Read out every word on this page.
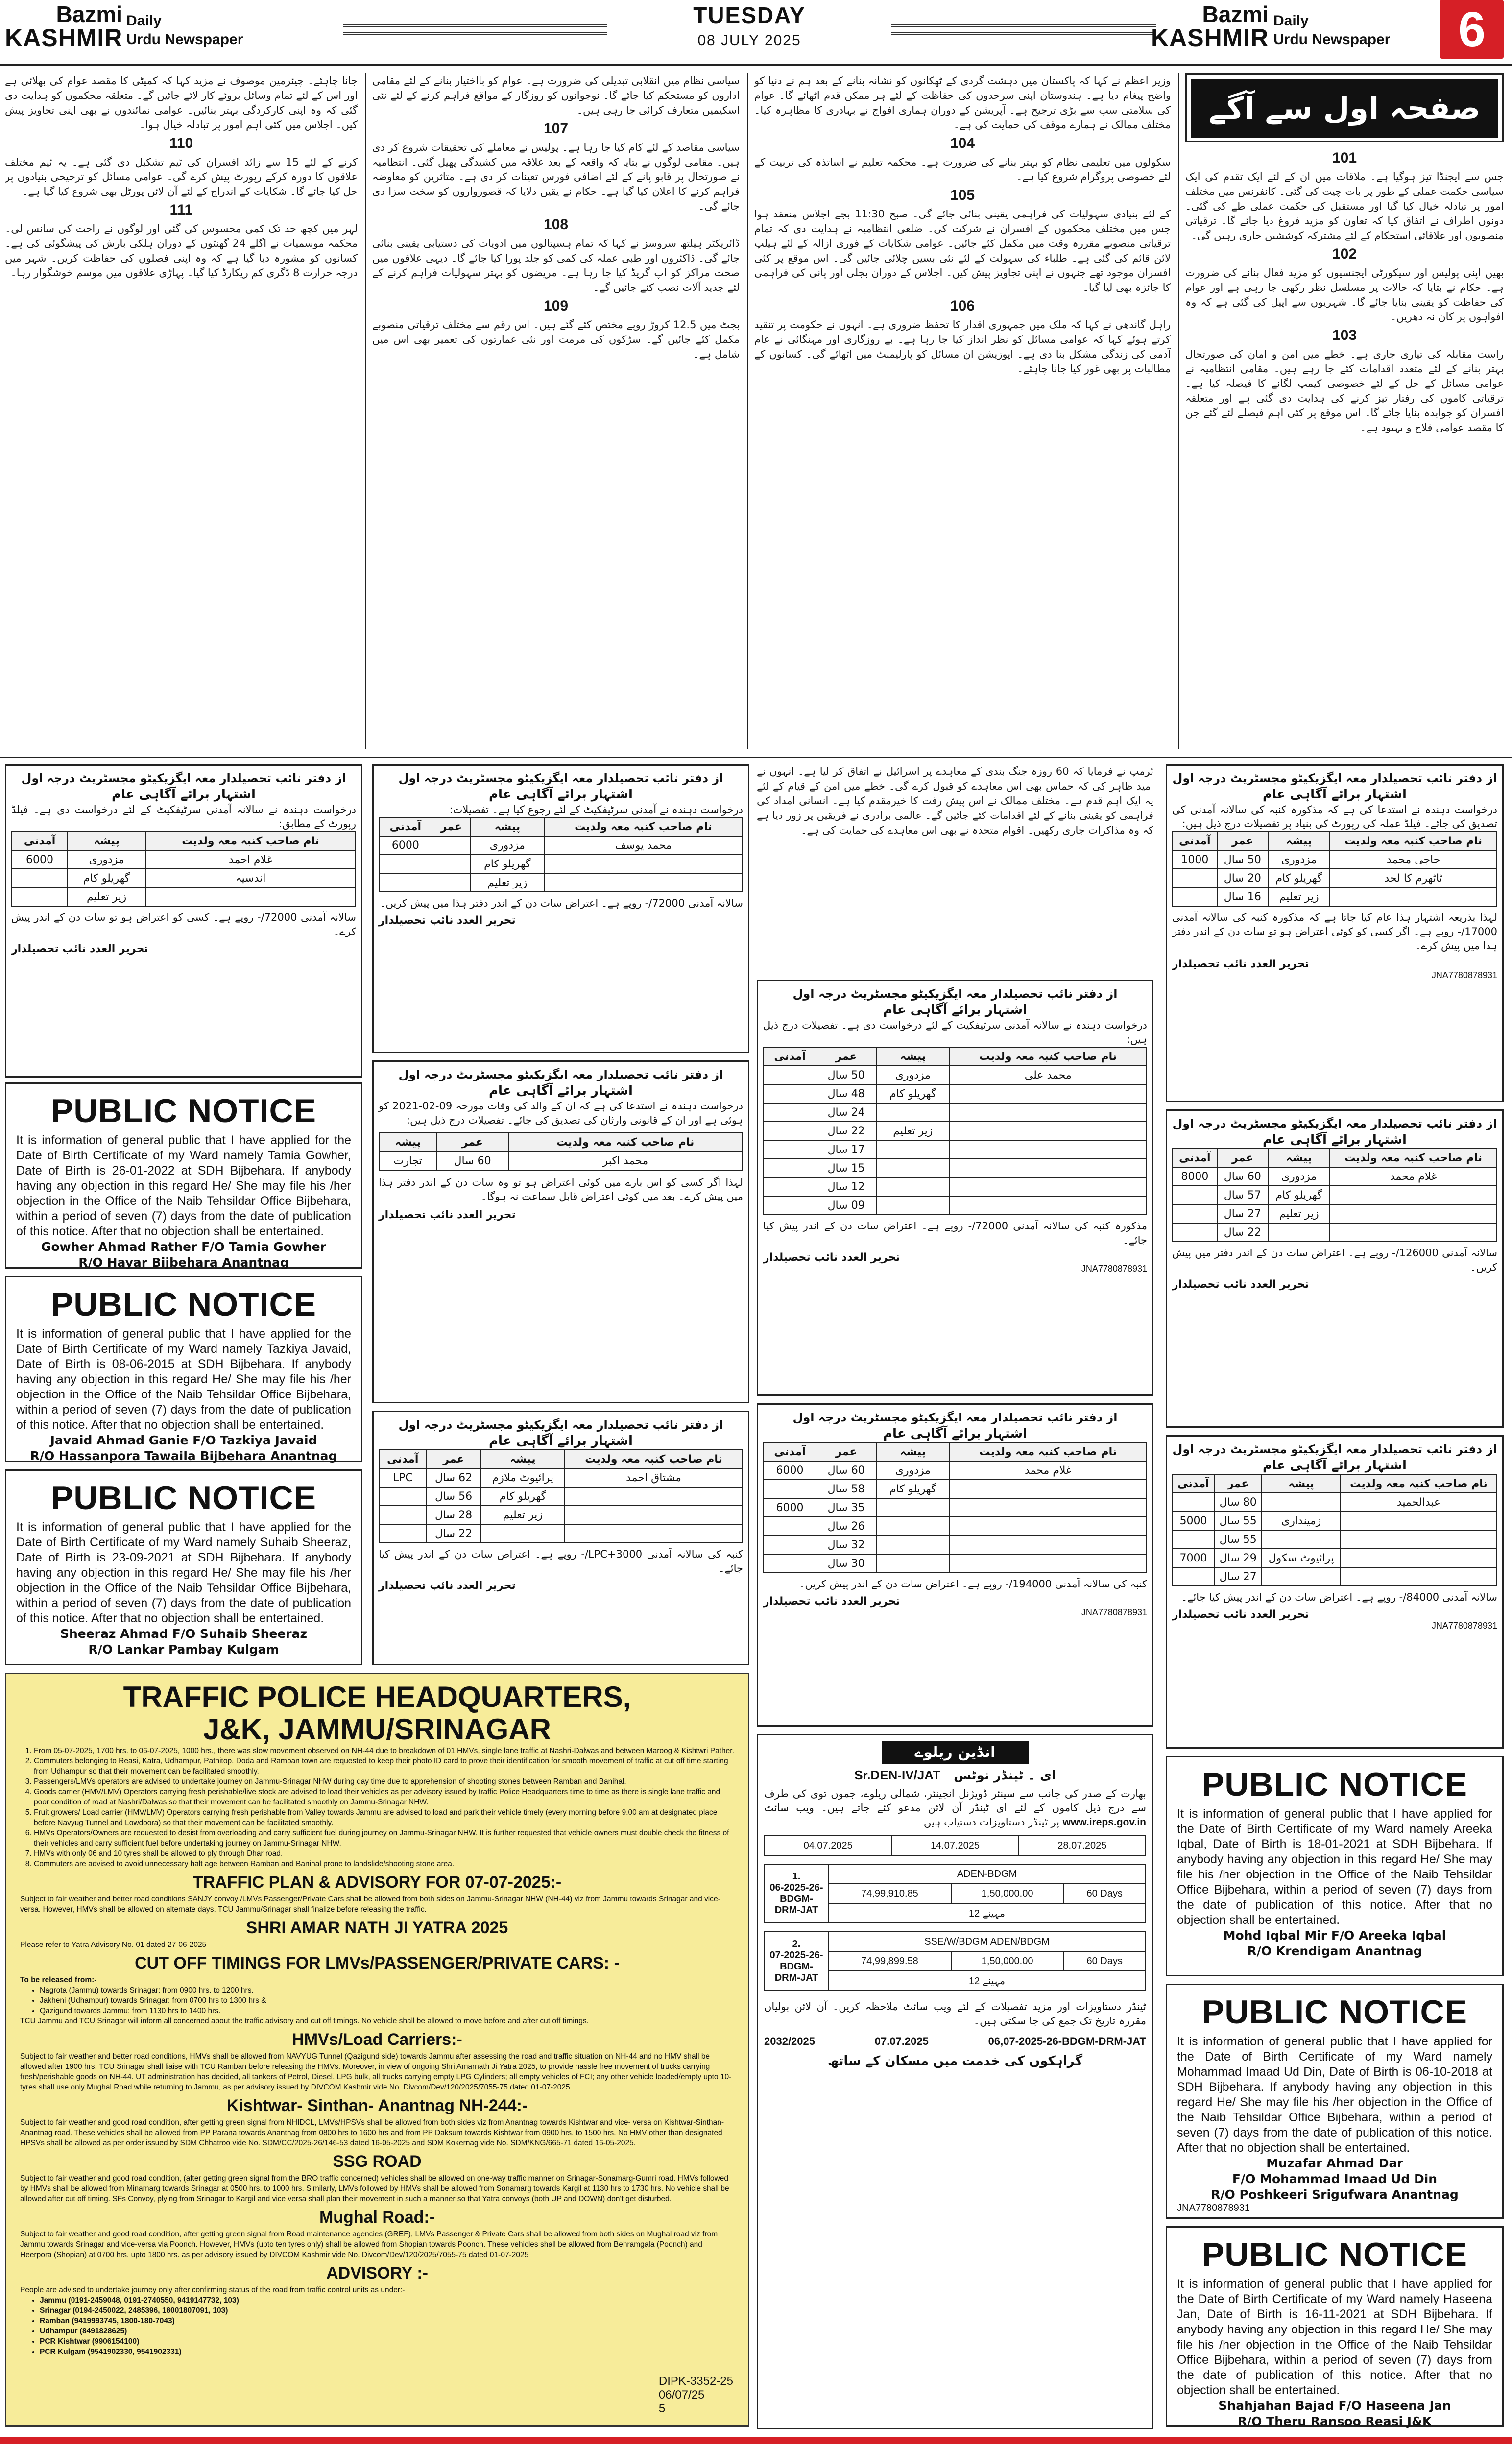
Bazmi
KASHMIR
Daily
Urdu Newspaper
TUESDAY
08 JULY 2025
Bazmi
KASHMIR
Daily
Urdu Newspaper	6
صفحہ اول سے آگے
101

جس سے ایجنڈا تیز ہوگیا ہے۔ ملاقات میں ان کے لئے ایک تقدم کی ایک سیاسی حکمت عملی کے طور پر بات چیت کی گئی۔ کانفرنس میں مختلف امور پر تبادلہ خیال کیا گیا اور مستقبل کی حکمت عملی طے کی گئی۔ دونوں اطراف نے اتفاق کیا کہ تعاون کو مزید فروغ دیا جائے گا۔ ترقیاتی منصوبوں اور علاقائی استحکام کے لئے مشترکہ کوششیں جاری رہیں گی۔

102

بھیں اپنی پولیس اور سیکورٹی ایجنسیوں کو مزید فعال بنانے کی ضرورت ہے۔ حکام نے بتایا کہ حالات پر مسلسل نظر رکھی جا رہی ہے اور عوام کی حفاظت کو یقینی بنایا جائے گا۔ شہریوں سے اپیل کی گئی ہے کہ وہ افواہوں پر کان نہ دھریں۔

103

راست مقابلہ کی تیاری جاری ہے۔ خطے میں امن و امان کی صورتحال بہتر بنانے کے لئے متعدد اقدامات کئے جا رہے ہیں۔ مقامی انتظامیہ نے عوامی مسائل کے حل کے لئے خصوصی کیمپ لگانے کا فیصلہ کیا ہے۔ ترقیاتی کاموں کی رفتار تیز کرنے کی ہدایت دی گئی ہے اور متعلقہ افسران کو جوابدہ بنایا جائے گا۔ اس موقع پر کئی اہم فیصلے لئے گئے جن کا مقصد عوامی فلاح و بہبود ہے۔

وزیر اعظم نے کہا کہ پاکستان میں دہشت گردی کے ٹھکانوں کو نشانہ بنانے کے بعد ہم نے دنیا کو واضح پیغام دیا ہے۔ ہندوستان اپنی سرحدوں کی حفاظت کے لئے ہر ممکن قدم اٹھائے گا۔ عوام کی سلامتی سب سے بڑی ترجیح ہے۔ آپریشن کے دوران ہماری افواج نے بہادری کا مظاہرہ کیا۔ مختلف ممالک نے ہمارے موقف کی حمایت کی ہے۔

104

سکولوں میں تعلیمی نظام کو بہتر بنانے کی ضرورت ہے۔ محکمہ تعلیم نے اساتذہ کی تربیت کے لئے خصوصی پروگرام شروع کیا ہے۔

105

کے لئے بنیادی سہولیات کی فراہمی یقینی بنائی جائے گی۔ صبح 11:30 بجے اجلاس منعقد ہوا جس میں مختلف محکموں کے افسران نے شرکت کی۔ ضلعی انتظامیہ نے ہدایت دی کہ تمام ترقیاتی منصوبے مقررہ وقت میں مکمل کئے جائیں۔ عوامی شکایات کے فوری ازالہ کے لئے ہیلپ لائن قائم کی گئی ہے۔ طلباء کی سہولت کے لئے نئی بسیں چلائی جائیں گی۔ اس موقع پر کئی افسران موجود تھے جنہوں نے اپنی تجاویز پیش کیں۔ اجلاس کے دوران بجلی اور پانی کی فراہمی کا جائزہ بھی لیا گیا۔

106

راہل گاندھی نے کہا کہ ملک میں جمہوری اقدار کا تحفظ ضروری ہے۔ انہوں نے حکومت پر تنقید کرتے ہوئے کہا کہ عوامی مسائل کو نظر انداز کیا جا رہا ہے۔ بے روزگاری اور مہنگائی نے عام آدمی کی زندگی مشکل بنا دی ہے۔ اپوزیشن ان مسائل کو پارلیمنٹ میں اٹھائے گی۔ کسانوں کے مطالبات پر بھی غور کیا جانا چاہئے۔

سیاسی نظام میں انقلابی تبدیلی کی ضرورت ہے۔ عوام کو بااختیار بنانے کے لئے مقامی اداروں کو مستحکم کیا جائے گا۔ نوجوانوں کو روزگار کے مواقع فراہم کرنے کے لئے نئی اسکیمیں متعارف کرائی جا رہی ہیں۔

107

سیاسی مقاصد کے لئے کام کیا جا رہا ہے۔ پولیس نے معاملے کی تحقیقات شروع کر دی ہیں۔ مقامی لوگوں نے بتایا کہ واقعہ کے بعد علاقہ میں کشیدگی پھیل گئی۔ انتظامیہ نے صورتحال پر قابو پانے کے لئے اضافی فورس تعینات کر دی ہے۔ متاثرین کو معاوضہ فراہم کرنے کا اعلان کیا گیا ہے۔ حکام نے یقین دلایا کہ قصورواروں کو سخت سزا دی جائے گی۔

108

ڈائریکٹر ہیلتھ سروسز نے کہا کہ تمام ہسپتالوں میں ادویات کی دستیابی یقینی بنائی جائے گی۔ ڈاکٹروں اور طبی عملہ کی کمی کو جلد پورا کیا جائے گا۔ دیہی علاقوں میں صحت مراکز کو اپ گریڈ کیا جا رہا ہے۔ مریضوں کو بہتر سہولیات فراہم کرنے کے لئے جدید آلات نصب کئے جائیں گے۔

109

بجٹ میں 12.5 کروڑ روپے مختص کئے گئے ہیں۔ اس رقم سے مختلف ترقیاتی منصوبے مکمل کئے جائیں گے۔ سڑکوں کی مرمت اور نئی عمارتوں کی تعمیر بھی اس میں شامل ہے۔

جانا چاہئے۔ چیئرمین موصوف نے مزید کہا کہ کمیٹی کا مقصد عوام کی بھلائی ہے اور اس کے لئے تمام وسائل بروئے کار لائے جائیں گے۔ متعلقہ محکموں کو ہدایت دی گئی کہ وہ اپنی کارکردگی بہتر بنائیں۔ عوامی نمائندوں نے بھی اپنی تجاویز پیش کیں۔ اجلاس میں کئی اہم امور پر تبادلہ خیال ہوا۔

110

کرنے کے لئے 15 سے زائد افسران کی ٹیم تشکیل دی گئی ہے۔ یہ ٹیم مختلف علاقوں کا دورہ کرکے رپورٹ پیش کرے گی۔ عوامی مسائل کو ترجیحی بنیادوں پر حل کیا جائے گا۔ شکایات کے اندراج کے لئے آن لائن پورٹل بھی شروع کیا گیا ہے۔

111

لہر میں کچھ حد تک کمی محسوس کی گئی اور لوگوں نے راحت کی سانس لی۔ محکمہ موسمیات نے اگلے 24 گھنٹوں کے دوران ہلکی بارش کی پیشگوئی کی ہے۔ کسانوں کو مشورہ دیا گیا ہے کہ وہ اپنی فصلوں کی حفاظت کریں۔ شہر میں درجہ حرارت 8 ڈگری کم ریکارڈ کیا گیا۔ پہاڑی علاقوں میں موسم خوشگوار رہا۔

از دفتر نائب تحصیلدار معہ ایگزیکیٹو مجسٹریٹ درجہ اول
اشتہار برائے آگاہی عام
درخواست دہندہ نے استدعا کی ہے کہ مذکورہ کنبہ کی سالانہ آمدنی کی تصدیق کی جائے۔ فیلڈ عملہ کی رپورٹ کی بنیاد پر تفصیلات درج ذیل ہیں:
نام صاحب کنبہ معہ ولدیت	پیشہ	عمر	آمدنی
حاجی محمد	مزدوری	50 سال	1000
ٹاٹھرم کا لحد	گھریلو کام	20 سال	
	زیر تعلیم	16 سال	
لہذا بذریعہ اشتہار ہذا عام کیا جاتا ہے کہ مذکورہ کنبہ کی سالانہ آمدنی 17000/- روپے ہے۔ اگر کسی کو کوئی اعتراض ہو تو سات دن کے اندر دفتر ہذا میں پیش کرے۔
تحریر العدد نائب تحصیلدار
JNA7780878931
از دفتر نائب تحصیلدار معہ ایگزیکیٹو مجسٹریٹ درجہ اول
اشتہار برائے آگاہی عام
درخواست دہندہ نے سالانہ آمدنی سرٹیفکیٹ کے لئے درخواست دی ہے۔ تفصیلات درج ذیل ہیں:
نام صاحب کنبہ معہ ولدیت	پیشہ	عمر	آمدنی
محمد علی	مزدوری	50 سال	
	گھریلو کام	48 سال	
		24 سال	
	زیر تعلیم	22 سال	
		17 سال	
		15 سال	
		12 سال	
		09 سال	
مذکورہ کنبہ کی سالانہ آمدنی 72000/- روپے ہے۔ اعتراض سات دن کے اندر پیش کیا جائے۔
تحریر العدد نائب تحصیلدار
JNA7780878931

ٹرمپ نے فرمایا کہ 60 روزہ جنگ بندی کے معاہدے پر اسرائیل نے اتفاق کر لیا ہے۔ انہوں نے امید ظاہر کی کہ حماس بھی اس معاہدے کو قبول کرے گی۔ خطے میں امن کے قیام کے لئے یہ ایک اہم قدم ہے۔ مختلف ممالک نے اس پیش رفت کا خیرمقدم کیا ہے۔ انسانی امداد کی فراہمی کو یقینی بنانے کے لئے اقدامات کئے جائیں گے۔ عالمی برادری نے فریقین پر زور دیا ہے کہ وہ مذاکرات جاری رکھیں۔ اقوام متحدہ نے بھی اس معاہدے کی حمایت کی ہے۔

از دفتر نائب تحصیلدار معہ ایگزیکیٹو مجسٹریٹ درجہ اول
اشتہار برائے آگاہی عام
درخواست دہندہ نے آمدنی سرٹیفکیٹ کے لئے رجوع کیا ہے۔ تفصیلات:
نام صاحب کنبہ معہ ولدیت	پیشہ	عمر	آمدنی
محمد یوسف	مزدوری		6000
	گھریلو کام		
	زیر تعلیم		
سالانہ آمدنی 72000/- روپے ہے۔ اعتراض سات دن کے اندر دفتر ہذا میں پیش کریں۔
تحریر العدد نائب تحصیلدار
از دفتر نائب تحصیلدار معہ ایگزیکیٹو مجسٹریٹ درجہ اول
اشتہار برائے آگاہی عام
درخواست دہندہ نے سالانہ آمدنی سرٹیفکیٹ کے لئے درخواست دی ہے۔ فیلڈ رپورٹ کے مطابق:
نام صاحب کنبہ معہ ولدیت	پیشہ	آمدنی
غلام احمد	مزدوری	6000
اندسیہ	گھریلو کام	
	زیر تعلیم	
سالانہ آمدنی 72000/- روپے ہے۔ کسی کو اعتراض ہو تو سات دن کے اندر پیش کرے۔
تحریر العدد نائب تحصیلدار
PUBLIC NOTICE

It is information of general public that I have applied for the Date of Birth Certificate of my Ward namely Tamia Gowher, Date of Birth is 26-01-2022 at SDH Bijbehara. If anybody having any objection in this regard He/ She may file his /her objection in the Office of the Naib Tehsildar Office Bijbehara, within a period of seven (7) days from the date of publication of this notice. After that no objection shall be entertained.

Gowher Ahmad Rather F/O Tamia Gowher
R/O Hayar Bijbehara Anantnag
PUBLIC NOTICE

It is information of general public that I have applied for the Date of Birth Certificate of my Ward namely Tazkiya Javaid, Date of Birth is 08-06-2015 at SDH Bijbehara. If anybody having any objection in this regard He/ She may file his /her objection in the Office of the Naib Tehsildar Office Bijbehara, within a period of seven (7) days from the date of publication of this notice. After that no objection shall be entertained.

Javaid Ahmad Ganie F/O Tazkiya Javaid
R/O Hassanpora Tawaila Bijbehara Anantnag
PUBLIC NOTICE

It is information of general public that I have applied for the Date of Birth Certificate of my Ward namely Suhaib Sheeraz, Date of Birth is 23-09-2021 at SDH Bijbehara. If anybody having any objection in this regard He/ She may file his /her objection in the Office of the Naib Tehsildar Office Bijbehara, within a period of seven (7) days from the date of publication of this notice. After that no objection shall be entertained.

Sheeraz Ahmad F/O Suhaib Sheeraz
R/O Lankar Pambay Kulgam
از دفتر نائب تحصیلدار معہ ایگزیکیٹو مجسٹریٹ درجہ اول
اشتہار برائے آگاہی عام
درخواست دہندہ نے استدعا کی ہے کہ ان کے والد کی وفات مورخہ 09-02-2021 کو ہوئی ہے اور ان کے قانونی وارثان کی تصدیق کی جائے۔ تفصیلات درج ذیل ہیں:
نام صاحب کنبہ معہ ولدیت	عمر	پیشہ
محمد اکبر	60 سال	تجارت
لہذا اگر کسی کو اس بارے میں کوئی اعتراض ہو تو وہ سات دن کے اندر دفتر ہذا میں پیش کرے۔ بعد میں کوئی اعتراض قابل سماعت نہ ہوگا۔
تحریر العدد نائب تحصیلدار
از دفتر نائب تحصیلدار معہ ایگزیکیٹو مجسٹریٹ درجہ اول
اشتہار برائے آگاہی عام
نام صاحب کنبہ معہ ولدیت	پیشہ	عمر	آمدنی
مشتاق احمد	پرائیوٹ ملازم	62 سال	LPC
	گھریلو کام	56 سال	
	زیر تعلیم	28 سال	
		22 سال	
کنبہ کی سالانہ آمدنی LPC+3000/- روپے ہے۔ اعتراض سات دن کے اندر پیش کیا جائے۔
تحریر العدد نائب تحصیلدار
از دفتر نائب تحصیلدار معہ ایگزیکیٹو مجسٹریٹ درجہ اول
اشتہار برائے آگاہی عام
نام صاحب کنبہ معہ ولدیت	پیشہ	عمر	آمدنی
غلام محمد	مزدوری	60 سال	6000
	گھریلو کام	58 سال	
		35 سال	6000
		26 سال	
		32 سال	
		30 سال	
کنبہ کی سالانہ آمدنی 194000/- روپے ہے۔ اعتراض سات دن کے اندر پیش کریں۔
تحریر العدد نائب تحصیلدار
JNA7780878931
از دفتر نائب تحصیلدار معہ ایگزیکیٹو مجسٹریٹ درجہ اول
اشتہار برائے آگاہی عام
نام صاحب کنبہ معہ ولدیت	پیشہ	عمر	آمدنی
غلام محمد	مزدوری	60 سال	8000
	گھریلو کام	57 سال	
	زیر تعلیم	27 سال	
		22 سال	
سالانہ آمدنی 126000/- روپے ہے۔ اعتراض سات دن کے اندر دفتر میں پیش کریں۔
تحریر العدد نائب تحصیلدار
از دفتر نائب تحصیلدار معہ ایگزیکیٹو مجسٹریٹ درجہ اول
اشتہار برائے آگاہی عام
نام صاحب کنبہ معہ ولدیت	پیشہ	عمر	آمدنی
عبدالحمید		80 سال	
	زمینداری	55 سال	5000
		55 سال	
	پرائیوٹ سکول	29 سال	7000
		27 سال	
سالانہ آمدنی 84000/- روپے ہے۔ اعتراض سات دن کے اندر پیش کیا جائے۔
تحریر العدد نائب تحصیلدار
JNA7780878931
TRAFFIC POLICE HEADQUARTERS,
J&K, JAMMU/SRINAGAR
1. From 05-07-2025, 1700 hrs. to 06-07-2025, 1000 hrs., there was slow movement observed on NH-44 due to breakdown of 01 HMVs, single lane traffic at Nashri-Dalwas and between Maroog & Kishtwri Pather.
2. Commuters belonging to Reasi, Katra, Udhampur, Patnitop, Doda and Ramban town are requested to keep their photo ID card to prove their identification for smooth movement of traffic at cut off time starting from Udhampur so that their movement can be facilitated smoothly.
3. Passengers/LMVs operators are advised to undertake journey on Jammu-Srinagar NHW during day time due to apprehension of shooting stones between Ramban and Banihal.
4. Goods carrier (HMV/LMV) Operators carrying fresh perishable/live stock are advised to load their vehicles as per advisory issued by traffic Police Headquarters time to time as there is single lane traffic and poor condition of road at Nashri/Dalwas so that their movement can be facilitated smoothly on Jammu-Srinagar NHW.
5. Fruit growers/ Load carrier (HMV/LMV) Operators carrying fresh perishable from Valley towards Jammu are advised to load and park their vehicle timely (every morning before 9.00 am at designated place before Navyug Tunnel and Lowdoora) so that their movement can be facilitated smoothly.
6. HMVs Operators/Owners are requested to desist from overloading and carry sufficient fuel during journey on Jammu-Srinagar NHW. It is further requested that vehicle owners must double check the fitness of their vehicles and carry sufficient fuel before undertaking journey on Jammu-Srinagar NHW.
7. HMVs with only 06 and 10 tyres shall be allowed to ply through Dhar road.
8. Commuters are advised to avoid unnecessary halt age between Ramban and Banihal prone to landslide/shooting stone area.
TRAFFIC PLAN & ADVISORY FOR 07-07-2025:-

Subject to fair weather and better road conditions SANJY convoy /LMVs Passenger/Private Cars shall be allowed from both sides on Jammu-Srinagar NHW (NH-44) viz from Jammu towards Srinagar and vice-versa. However, HMVs shall be allowed on alternate days. TCU Jammu/Srinagar shall finalize before releasing the traffic.

SHRI AMAR NATH JI YATRA 2025

Please refer to Yatra Advisory No. 01 dated 27-06-2025

CUT OFF TIMINGS FOR LMVs/PASSENGER/PRIVATE CARS: -

To be released from:-

• Nagrota (Jammu) towards Srinagar: from 0900 hrs. to 1200 hrs.
• Jakheni (Udhampur) towards Srinagar: from 0700 hrs to 1300 hrs &
• Qazigund towards Jammu: from 1130 hrs to 1400 hrs.

TCU Jammu and TCU Srinagar will inform all concerned about the traffic advisory and cut off timings. No vehicle shall be allowed to move before and after cut off timings.

HMVs/Load Carriers:-

Subject to fair weather and better road conditions, HMVs shall be allowed from NAVYUG Tunnel (Qazigund side) towards Jammu after assessing the road and traffic situation on NH-44 and no HMV shall be allowed after 1900 hrs. TCU Srinagar shall liaise with TCU Ramban before releasing the HMVs. Moreover, in view of ongoing Shri Amarnath Ji Yatra 2025, to provide hassle free movement of trucks carrying fresh/perishable goods on NH-44. UT administration has decided, all tankers of Petrol, Diesel, LPG bulk, all trucks carrying empty LPG Cylinders; all empty vehicles of FCI; any other vehicle loaded/empty upto 10-tyres shall use only Mughal Road while returning to Jammu, as per advisory issued by DIVCOM Kashmir vide No. Divcom/Dev/120/2025/7055-75 dated 01-07-2025

Kishtwar- Sinthan- Anantnag NH-244:-

Subject to fair weather and good road condition, after getting green signal from NHIDCL, LMVs/HPSVs shall be allowed from both sides viz from Anantnag towards Kishtwar and vice- versa on Kishtwar-Sinthan-Anantnag road. These vehicles shall be allowed from PP Parana towards Anantnag from 0800 hrs to 1600 hrs and from PP Daksum towards Kishtwar from 0900 hrs. to 1500 hrs. No HMV other than designated HPSVs shall be allowed as per order issued by SDM Chhatroo vide No. SDM/CC/2025-26/146-53 dated 16-05-2025 and SDM Kokernag vide No. SDM/KNG/665-71 dated 16-05-2025.

SSG ROAD

Subject to fair weather and good road condition, (after getting green signal from the BRO traffic concerned) vehicles shall be allowed on one-way traffic manner on Srinagar-Sonamarg-Gumri road. HMVs followed by HMVs shall be allowed from Minamarg towards Srinagar at 0500 hrs. to 1000 hrs. Similarly, LMVs followed by HMVs shall be allowed from Sonamarg towards Kargil at 1130 hrs to 1730 hrs. No vehicle shall be allowed after cut off timing. SFs Convoy, plying from Srinagar to Kargil and vice versa shall plan their movement in such a manner so that Yatra convoys (both UP and DOWN) don't get disturbed.

Mughal Road:-

Subject to fair weather and good road condition, after getting green signal from Road maintenance agencies (GREF), LMVs Passenger & Private Cars shall be allowed from both sides on Mughal road viz from Jammu towards Srinagar and vice-versa via Poonch. However, HMVs (upto ten tyres only) shall be allowed from Shopian towards Poonch. These vehicles shall be allowed from Behramgala (Poonch) and Heerpora (Shopian) at 0700 hrs. upto 1800 hrs. as per advisory issued by DIVCOM Kashmir vide No. Divcom/Dev/120/2025/7055-75 dated 01-07-2025

ADVISORY :-

People are advised to undertake journey only after confirming status of the road from traffic control units as under:-

• Jammu (0191-2459048, 0191-2740550, 9419147732, 103)
• Srinagar (0194-2450022, 2485396, 18001807091, 103)
• Ramban (9419993745, 1800-180-7043)
• Udhampur (8491828625)
• PCR Kishtwar (9906154100)
• PCR Kulgam (9541902330, 9541902331)
DIPK-3352-25
06/07/25
5
انڈین ریلوے
ای ۔ ٹینڈر نوٹس   Sr.DEN-IV/JAT
بھارت کے صدر کی جانب سے سینئر ڈویژنل انجینئر، شمالی ریلوے، جموں توی کی طرف سے درج ذیل کاموں کے لئے ای ٹینڈر آن لائن مدعو کئے جاتے ہیں۔ ویب سائٹ www.ireps.gov.in پر ٹینڈر دستاویزات دستیاب ہیں۔
04.07.2025	14.07.2025	28.07.2025
1.
06-2025-26-BDGM-DRM-JAT	ADEN-BDGM		
	74,99,910.85	1,50,000.00	60 Days
	12 مہینے		
2.
07-2025-26-BDGM-DRM-JAT	SSE/W/BDGM ADEN/BDGM		
	74,99,899.58	1,50,000.00	60 Days
	12 مہینے		
ٹینڈر دستاویزات اور مزید تفصیلات کے لئے ویب سائٹ ملاحظہ کریں۔ آن لائن بولیاں مقررہ تاریخ تک جمع کی جا سکتی ہیں۔
2032/2025	07.07.2025	06,07-2025-26-BDGM-DRM-JAT
گراہکوں کی خدمت میں مسکان کے ساتھ
PUBLIC NOTICE

It is information of general public that I have applied for the Date of Birth Certificate of my Ward namely Areeka Iqbal, Date of Birth is 18-01-2021 at SDH Bijbehara. If anybody having any objection in this regard He/ She may file his /her objection in the Office of the Naib Tehsildar Office Bijbehara, within a period of seven (7) days from the date of publication of this notice. After that no objection shall be entertained.

Mohd Iqbal Mir F/O Areeka Iqbal
R/O Krendigam Anantnag
PUBLIC NOTICE

It is information of general public that I have applied for the Date of Birth Certificate of my Ward namely Mohammad Imaad Ud Din, Date of Birth is 06-10-2018 at SDH Bijbehara. If anybody having any objection in this regard He/ She may file his /her objection in the Office of the Naib Tehsildar Office Bijbehara, within a period of seven (7) days from the date of publication of this notice. After that no objection shall be entertained.

Muzafar Ahmad Dar
F/O Mohammad Imaad Ud Din
R/O Poshkeeri Srigufwara Anantnag
JNA7780878931
PUBLIC NOTICE

It is information of general public that I have applied for the Date of Birth Certificate of my Ward namely Haseena Jan, Date of Birth is 16-11-2021 at SDH Bijbehara. If anybody having any objection in this regard He/ She may file his /her objection in the Office of the Naib Tehsildar Office Bijbehara, within a period of seven (7) days from the date of publication of this notice. After that no objection shall be entertained.

Shahjahan Bajad F/O Haseena Jan
R/O Theru Ransoo Reasi J&K
